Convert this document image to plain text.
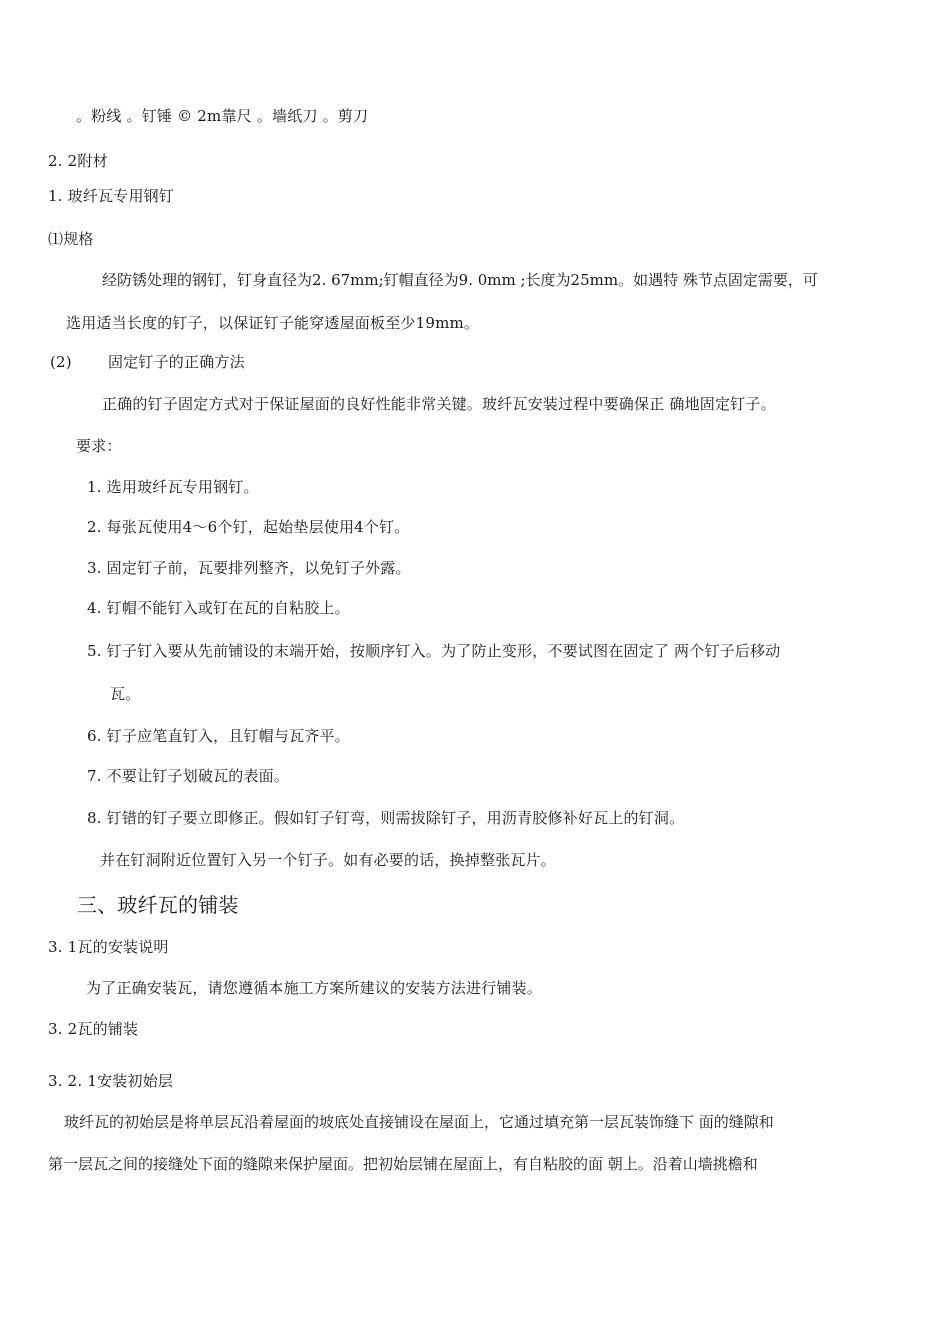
。粉线 。钉锤 © 2m靠尺 。墙纸刀 。剪刀
2. 2附材
1. 玻纤瓦专用钢钉
⑴规格
经防锈处理的钢钉，钉身直径为2. 67mm;钉帽直径为9. 0mm ;长度为25mm。如遇特 殊节点固定需要，可
选用适当长度的钉子，以保证钉子能穿透屋面板至少19mm。
(2) 固定钉子的正确方法
正确的钉子固定方式对于保证屋面的良好性能非常关键。玻纤瓦安装过程中要确保正 确地固定钉子。
要求：
1. 选用玻纤瓦专用钢钉。
2. 每张瓦使用4〜6个钉，起始垫层使用4个钉。
3. 固定钉子前，瓦要排列整齐，以免钉子外露。
4. 钉帽不能钉入或钉在瓦的自粘胶上。
5. 钉子钉入要从先前铺设的末端开始，按顺序钉入。为了防止变形，不要试图在固定了 两个钉子后移动
瓦。
6. 钉子应笔直钉入，且钉帽与瓦齐平。
7. 不要让钉子划破瓦的表面。
8. 钉错的钉子要立即修正。假如钉子钉弯，则需拔除钉子，用沥青胶修补好瓦上的钉洞。
并在钉洞附近位置钉入另一个钉子。如有必要的话，换掉整张瓦片。
三、玻纤瓦的铺装
3. 1瓦的安装说明
为了正确安装瓦，请您遵循本施工方案所建议的安装方法进行铺装。
3. 2瓦的铺装
3. 2. 1安装初始层
玻纤瓦的初始层是将单层瓦沿着屋面的坡底处直接铺设在屋面上，它通过填充第一层瓦装饰缝下 面的缝隙和
第一层瓦之间的接缝处下面的缝隙来保护屋面。把初始层铺在屋面上，有自粘胶的面 朝上。沿着山墙挑檐和
